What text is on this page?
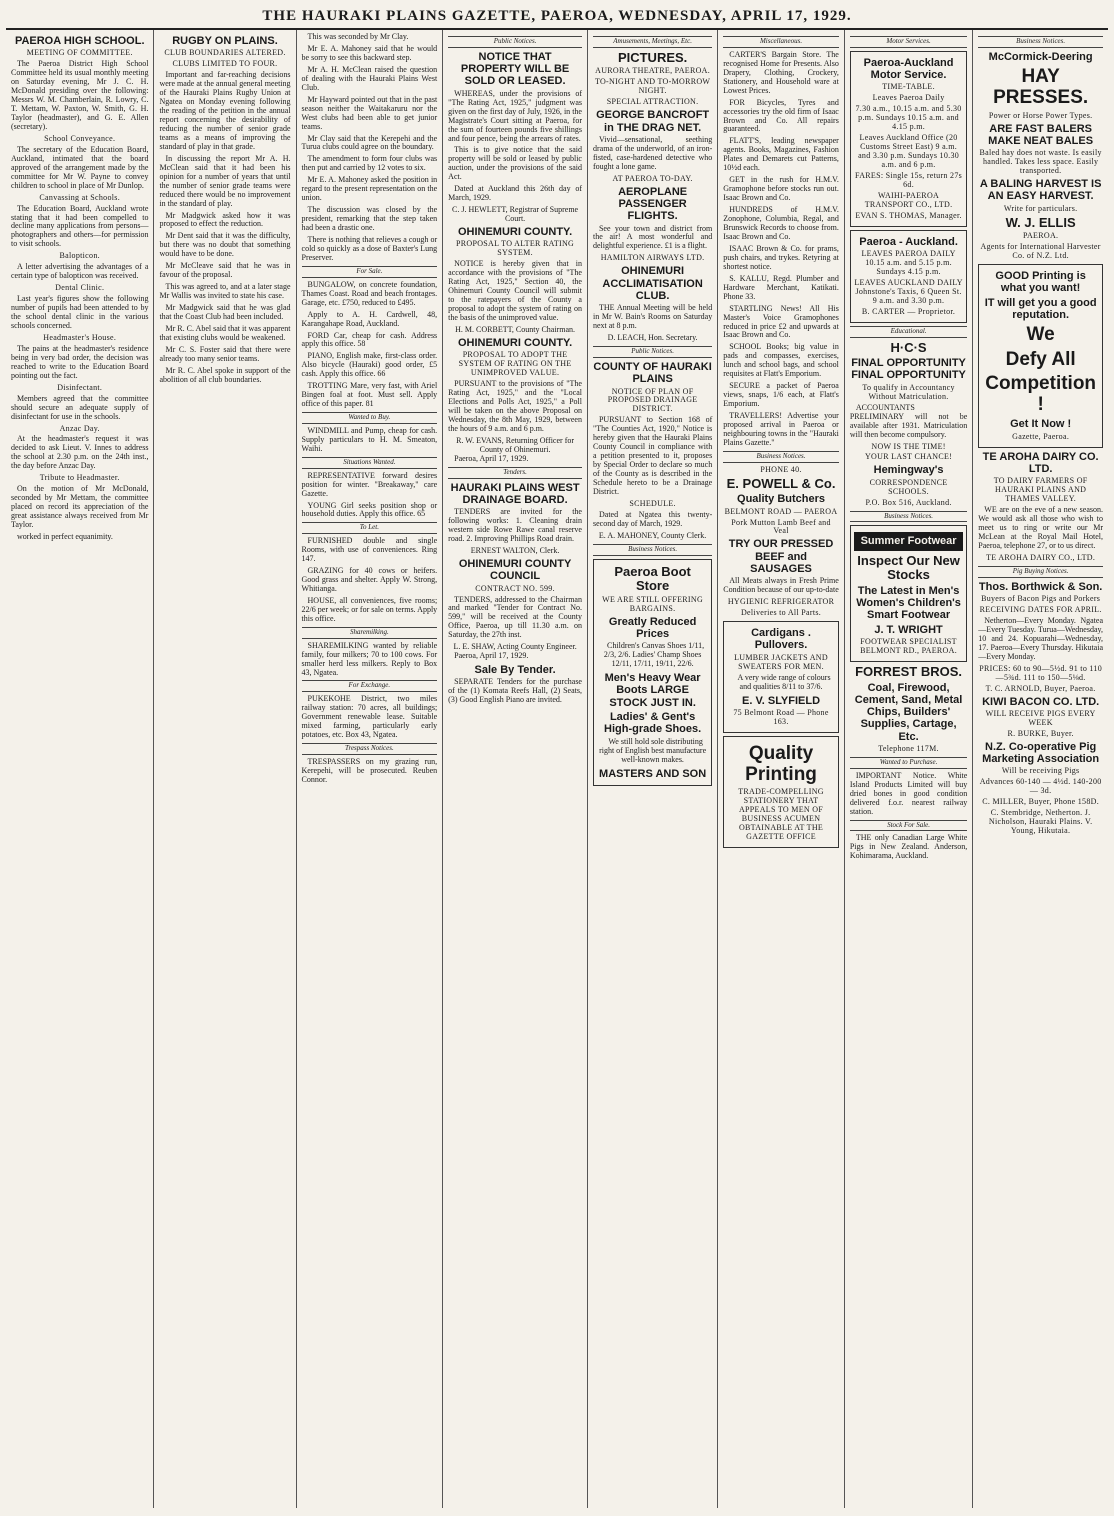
THE HAURAKI PLAINS GAZETTE, PAEROA, WEDNESDAY, APRIL 17, 1929.
PAEROA HIGH SCHOOL.
MEETING OF COMMITTEE.

The Paeroa District High School Committee held its usual monthly meeting on Saturday evening, Mr J. C. H. McDonald presiding over the following: Messrs W. M. Chamberlain, R. Lowry, C. T. Mettam, W. Paxton, W. Smith, G. H. Taylor (headmaster), and G. E. Allen (secretary).

School Conveyance.

The secretary of the Education Board, Auckland, intimated that the board approved of the arrangement made by the committee for Mr W. Payne to convey children to school in place of Mr Dunlop.

Canvassing at Schools.

The Education Board, Auckland wrote stating that it had been compelled to decline many applications from persons—photographers and others—for permission to visit schools.

Balopticon.

A letter advertising the advantages of a certain type of balopticon was received.

Dental Clinic.

Last year's figures show the following number of pupils had been attended to by the school dental clinic in the various schools concerned.

Headmaster's House.

The pains at the headmaster's residence being in very bad order, the decision was reached to write to the Education Board pointing out the fact.

Disinfectant.

Members agreed that the committee should secure an adequate supply of disinfectant for use in the schools.

Anzac Day.

At the headmaster's request it was decided to ask Lieut. V. Innes to address the school at 2.30 p.m. on the 24th inst., the day before Anzac Day.

Tribute to Headmaster.

On the motion of Mr McDonald, seconded by Mr Mettam, the committee placed on record its appreciation of the great assistance always received from Mr Taylor.

worked in perfect equanimity.

RUGBY ON PLAINS.
CLUB BOUNDARIES ALTERED.
CLUBS LIMITED TO FOUR.

Important and far-reaching decisions were made at the annual general meeting of the Hauraki Plains Rugby Union at Ngatea on Monday evening following the reading of the petition in the annual report concerning the desirability of reducing the number of senior grade teams as a means of improving the standard of play in that grade.

In discussing the report Mr A. H. McClean said that it had been his opinion for a number of years that until the number of senior grade teams were reduced there would be no improvement in the standard of play.

Mr Madgwick asked how it was proposed to effect the reduction.

Mr Dent said that it was the difficulty, but there was no doubt that something would have to be done.

Mr McCleave said that he was in favour of the proposal.

This was agreed to, and at a later stage Mr Wallis was invited to state his case.

Mr Madgwick said that he was glad that the Coast Club had been included.

Mr R. C. Abel said that it was apparent that existing clubs would be weakened.

Mr C. S. Foster said that there were already too many senior teams.

Mr R. C. Abel spoke in support of the abolition of all club boundaries.

This was seconded by Mr Clay.

Mr E. A. Mahoney said that he would be sorry to see this backward step.

Mr A. H. McClean raised the question of dealing with the Hauraki Plains West Club.

Mr Hayward pointed out that in the past season neither the Waitakaruru nor the West clubs had been able to get junior teams.

Mr Clay said that the Kerepehi and the Turua clubs could agree on the boundary.

The amendment to form four clubs was then put and carried by 12 votes to six.

Mr E. A. Mahoney asked the position in regard to the present representation on the union.

The discussion was closed by the president, remarking that the step taken had been a drastic one.

There is nothing that relieves a cough or cold so quickly as a dose of Baxter's Lung Preserver.

For Sale.

BUNGALOW, on concrete foundation, Thames Coast. Road and beach frontages. Garage, etc. £750, reduced to £495.

Apply to A. H. Cardwell, 48, Karangahape Road, Auckland.

FORD Car, cheap for cash. Address apply this office. 58

PIANO, English make, first-class order. Also bicycle (Hauraki) good order, £5 cash. Apply this office. 66

TROTTING Mare, very fast, with Ariel Bingen foal at foot. Must sell. Apply office of this paper. 81

Wanted to Buy.

WINDMILL and Pump, cheap for cash. Supply particulars to H. M. Smeaton, Waihi.

Situations Wanted.

REPRESENTATIVE forward desires position for winter. "Breakaway," care Gazette.

YOUNG Girl seeks position shop or household duties. Apply this office. 65

To Let.

FURNISHED double and single Rooms, with use of conveniences. Ring 147.

GRAZING for 40 cows or heifers. Good grass and shelter. Apply W. Strong, Whitianga.

HOUSE, all conveniences, five rooms; 22/6 per week; or for sale on terms. Apply this office.

Sharemilking.

SHAREMILKING wanted by reliable family, four milkers; 70 to 100 cows. For smaller herd less milkers. Reply to Box 43, Ngatea.

For Exchange.

PUKEKOHE District, two miles railway station: 70 acres, all buildings; Government renewable lease. Suitable mixed farming, particularly early potatoes, etc. Box 43, Ngatea.

Trespass Notices.

TRESPASSERS on my grazing run, Kerepehi, will be prosecuted. Reuben Connor.

Public Notices.
NOTICE THAT PROPERTY WILL BE SOLD OR LEASED.

WHEREAS, under the provisions of "The Rating Act, 1925," judgment was given on the first day of July, 1926, in the Magistrate's Court sitting at Paeroa, for the sum of fourteen pounds five shillings and four pence, being the arrears of rates.

This is to give notice that the said property will be sold or leased by public auction, under the provisions of the said Act.

Dated at Auckland this 26th day of March, 1929.

C. J. HEWLETT, Registrar of Supreme Court.
OHINEMURI COUNTY.
PROPOSAL TO ALTER RATING SYSTEM.

NOTICE is hereby given that in accordance with the provisions of "The Rating Act, 1925," Section 40, the Ohinemuri County Council will submit to the ratepayers of the County a proposal to adopt the system of rating on the basis of the unimproved value.

H. M. CORBETT, County Chairman.
OHINEMURI COUNTY.
PROPOSAL TO ADOPT THE SYSTEM OF RATING ON THE UNIMPROVED VALUE.

PURSUANT to the provisions of "The Rating Act, 1925," and the "Local Elections and Polls Act, 1925," a Poll will be taken on the above Proposal on Wednesday, the 8th May, 1929, between the hours of 9 a.m. and 6 p.m.

R. W. EVANS, Returning Officer for County of Ohinemuri.

Paeroa, April 17, 1929.

Tenders.
HAURAKI PLAINS WEST DRAINAGE BOARD.

TENDERS are invited for the following works: 1. Cleaning drain western side Rowe Rawe canal reserve road. 2. Improving Phillips Road drain.

ERNEST WALTON, Clerk.
OHINEMURI COUNTY COUNCIL
CONTRACT NO. 599.

TENDERS, addressed to the Chairman and marked "Tender for Contract No. 599," will be received at the County Office, Paeroa, up till 11.30 a.m. on Saturday, the 27th inst.

L. E. SHAW, Acting County Engineer.

Paeroa, April 17, 1929.

Sale By Tender.

SEPARATE Tenders for the purchase of the (1) Komata Reefs Hall, (2) Seats, (3) Good English Piano are invited.

Amusements, Meetings, Etc.
PICTURES.
AURORA THEATRE, PAEROA.
TO-NIGHT AND TO-MORROW NIGHT.
SPECIAL ATTRACTION.
GEORGE BANCROFT in THE DRAG NET.

Vivid—sensational, seething drama of the underworld, of an iron-fisted, case-hardened detective who fought a lone game.

AT PAEROA TO-DAY.
AEROPLANE PASSENGER FLIGHTS.

See your town and district from the air! A most wonderful and delightful experience. £1 is a flight.

HAMILTON AIRWAYS LTD.
OHINEMURI ACCLIMATISATION CLUB.

THE Annual Meeting will be held in Mr W. Bain's Rooms on Saturday next at 8 p.m.

D. LEACH, Hon. Secretary.
Public Notices.
COUNTY OF HAURAKI PLAINS
NOTICE OF PLAN OF PROPOSED DRAINAGE DISTRICT.

PURSUANT to Section 168 of "The Counties Act, 1920," Notice is hereby given that the Hauraki Plains County Council in compliance with a petition presented to it, proposes by Special Order to declare so much of the County as is described in the Schedule hereto to be a Drainage District.

SCHEDULE.

Dated at Ngatea this twenty-second day of March, 1929.

E. A. MAHONEY, County Clerk.
Business Notices.
Paeroa Boot Store
WE ARE STILL OFFERING BARGAINS.
Greatly Reduced Prices

Children's Canvas Shoes 1/11, 2/3, 2/6. Ladies' Champ Shoes 12/11, 17/11, 19/11, 22/6.

Men's Heavy Wear Boots LARGE STOCK JUST IN.
Ladies' & Gent's High-grade Shoes.

We still hold sole distributing right of English best manufacture well-known makes.

MASTERS AND SON
Miscellaneous.

CARTER'S Bargain Store. The recognised Home for Presents. Also Drapery, Clothing, Crockery, Stationery, and Household ware at Lowest Prices.

FOR Bicycles, Tyres and accessories try the old firm of Isaac Brown and Co. All repairs guaranteed.

FLATT'S, leading newspaper agents. Books, Magazines, Fashion Plates and Demarets cut Patterns, 10½d each.

GET in the rush for H.M.V. Gramophone before stocks run out. Isaac Brown and Co.

HUNDREDS of H.M.V. Zonophone, Columbia, Regal, and Brunswick Records to choose from. Isaac Brown and Co.

ISAAC Brown & Co. for prams, push chairs, and trykes. Retyring at shortest notice.

S. KALLU, Regd. Plumber and Hardware Merchant, Katikati. Phone 33.

STARTLING News! All His Master's Voice Gramophones reduced in price £2 and upwards at Isaac Brown and Co.

SCHOOL Books; big value in pads and compasses, exercises, lunch and school bags, and school requisites at Flatt's Emporium.

SECURE a packet of Paeroa views, snaps, 1/6 each, at Flatt's Emporium.

TRAVELLERS! Advertise your proposed arrival in Paeroa or neighbouring towns in the "Hauraki Plains Gazette."

Business Notices.
PHONE 40.
E. POWELL & Co.
Quality Butchers
BELMONT ROAD — PAEROA
Pork Mutton Lamb Beef and Veal
TRY OUR PRESSED BEEF and SAUSAGES

All Meats always in Fresh Prime Condition because of our up-to-date

HYGIENIC REFRIGERATOR
Deliveries to All Parts.
Cardigans . Pullovers.
LUMBER JACKETS AND SWEATERS FOR MEN.

A very wide range of colours and qualities 8/11 to 37/6.

E. V. SLYFIELD
75 Belmont Road — Phone 163.
Quality Printing
TRADE-COMPELLING STATIONERY THAT APPEALS TO MEN OF BUSINESS ACUMEN OBTAINABLE AT THE GAZETTE OFFICE
Motor Services.
Paeroa-Auckland Motor Service.
TIME-TABLE.
Leaves Paeroa Daily
7.30 a.m., 10.15 a.m. and 5.30 p.m. Sundays 10.15 a.m. and 4.15 p.m.
Leaves Auckland Office (20 Customs Street East) 9 a.m. and 3.30 p.m. Sundays 10.30 a.m. and 6 p.m.
FARES: Single 15s, return 27s 6d.
WAIHI-PAEROA TRANSPORT CO., LTD.
EVAN S. THOMAS, Manager.
Paeroa - Auckland.
LEAVES PAEROA DAILY 10.15 a.m. and 5.15 p.m. Sundays 4.15 p.m.
LEAVES AUCKLAND DAILY Johnstone's Taxis, 6 Queen St. 9 a.m. and 3.30 p.m.
B. CARTER — Proprietor.
Educational.
H·C·S
FINAL OPPORTUNITY FINAL OPPORTUNITY
To qualify in Accountancy Without Matriculation.

ACCOUNTANTS PRELIMINARY will not be available after 1931. Matriculation will then become compulsory.

NOW IS THE TIME!
YOUR LAST CHANCE!
Hemingway's
CORRESPONDENCE SCHOOLS.
P.O. Box 516, Auckland.
Business Notices.
Summer Footwear
Inspect Our New Stocks
The Latest in Men's Women's Children's Smart Footwear
J. T. WRIGHT
FOOTWEAR SPECIALIST BELMONT RD., PAEROA.
FORREST BROS.
Coal, Firewood, Cement, Sand, Metal Chips, Builders' Supplies, Cartage, Etc.
Telephone 117M.
Wanted to Purchase.

IMPORTANT Notice. White Island Products Limited will buy dried bones in good condition delivered f.o.r. nearest railway station.

Stock For Sale.

THE only Canadian Large White Pigs in New Zealand. Anderson, Kohimarama, Auckland.

Business Notices.
McCormick-Deering
HAY PRESSES.
Power or Horse Power Types.
ARE FAST BALERS MAKE NEAT BALES
Baled hay does not waste. Is easily handled. Takes less space. Easily transported.
A BALING HARVEST IS AN EASY HARVEST.
Write for particulars.
W. J. ELLIS
PAEROA.
Agents for International Harvester Co. of N.Z. Ltd.
GOOD Printing is what you want!
IT will get you a good reputation.
We
Defy All
Competition !
Get It Now !
Gazette, Paeroa.
TE AROHA DAIRY CO. LTD.
TO DAIRY FARMERS OF HAURAKI PLAINS AND THAMES VALLEY.

WE are on the eve of a new season. We would ask all those who wish to meet us to ring or write our Mr McLean at the Royal Mail Hotel, Paeroa, telephone 27, or to us direct.

TE AROHA DAIRY CO., LTD.
Pig Buying Notices.
Thos. Borthwick & Son.
Buyers of Bacon Pigs and Porkers
RECEIVING DATES FOR APRIL.

Netherton—Every Monday. Ngatea—Every Tuesday. Turua—Wednesday, 10 and 24. Kopuarahi—Wednesday, 17. Paeroa—Every Thursday. Hikutaia—Every Monday.

PRICES: 60 to 90—5½d. 91 to 110—5¾d. 111 to 150—5⅛d.
T. C. ARNOLD, Buyer, Paeroa.
KIWI BACON CO. LTD.
WILL RECEIVE PIGS EVERY WEEK
R. BURKE, Buyer.
N.Z. Co-operative Pig Marketing Association
Will be receiving Pigs
Advances 60-140 — 4½d. 140-200 — 3d.
C. MILLER, Buyer, Phone 158D.
C. Stembridge, Netherton. J. Nicholson, Hauraki Plains. V. Young, Hikutaia.
